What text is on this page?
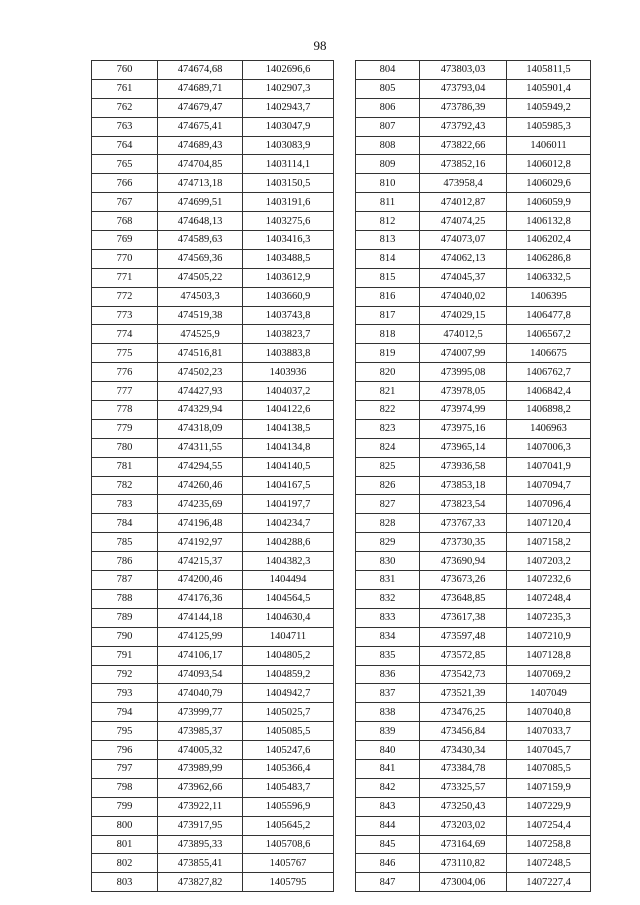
98
760	474674,68	1402696,6
761	474689,71	1402907,3
762	474679,47	1402943,7
763	474675,41	1403047,9
764	474689,43	1403083,9
765	474704,85	1403114,1
766	474713,18	1403150,5
767	474699,51	1403191,6
768	474648,13	1403275,6
769	474589,63	1403416,3
770	474569,36	1403488,5
771	474505,22	1403612,9
772	474503,3	1403660,9
773	474519,38	1403743,8
774	474525,9	1403823,7
775	474516,81	1403883,8
776	474502,23	1403936
777	474427,93	1404037,2
778	474329,94	1404122,6
779	474318,09	1404138,5
780	474311,55	1404134,8
781	474294,55	1404140,5
782	474260,46	1404167,5
783	474235,69	1404197,7
784	474196,48	1404234,7
785	474192,97	1404288,6
786	474215,37	1404382,3
787	474200,46	1404494
788	474176,36	1404564,5
789	474144,18	1404630,4
790	474125,99	1404711
791	474106,17	1404805,2
792	474093,54	1404859,2
793	474040,79	1404942,7
794	473999,77	1405025,7
795	473985,37	1405085,5
796	474005,32	1405247,6
797	473989,99	1405366,4
798	473962,66	1405483,7
799	473922,11	1405596,9
800	473917,95	1405645,2
801	473895,33	1405708,6
802	473855,41	1405767
803	473827,82	1405795
804	473803,03	1405811,5
805	473793,04	1405901,4
806	473786,39	1405949,2
807	473792,43	1405985,3
808	473822,66	1406011
809	473852,16	1406012,8
810	473958,4	1406029,6
811	474012,87	1406059,9
812	474074,25	1406132,8
813	474073,07	1406202,4
814	474062,13	1406286,8
815	474045,37	1406332,5
816	474040,02	1406395
817	474029,15	1406477,8
818	474012,5	1406567,2
819	474007,99	1406675
820	473995,08	1406762,7
821	473978,05	1406842,4
822	473974,99	1406898,2
823	473975,16	1406963
824	473965,14	1407006,3
825	473936,58	1407041,9
826	473853,18	1407094,7
827	473823,54	1407096,4
828	473767,33	1407120,4
829	473730,35	1407158,2
830	473690,94	1407203,2
831	473673,26	1407232,6
832	473648,85	1407248,4
833	473617,38	1407235,3
834	473597,48	1407210,9
835	473572,85	1407128,8
836	473542,73	1407069,2
837	473521,39	1407049
838	473476,25	1407040,8
839	473456,84	1407033,7
840	473430,34	1407045,7
841	473384,78	1407085,5
842	473325,57	1407159,9
843	473250,43	1407229,9
844	473203,02	1407254,4
845	473164,69	1407258,8
846	473110,82	1407248,5
847	473004,06	1407227,4
